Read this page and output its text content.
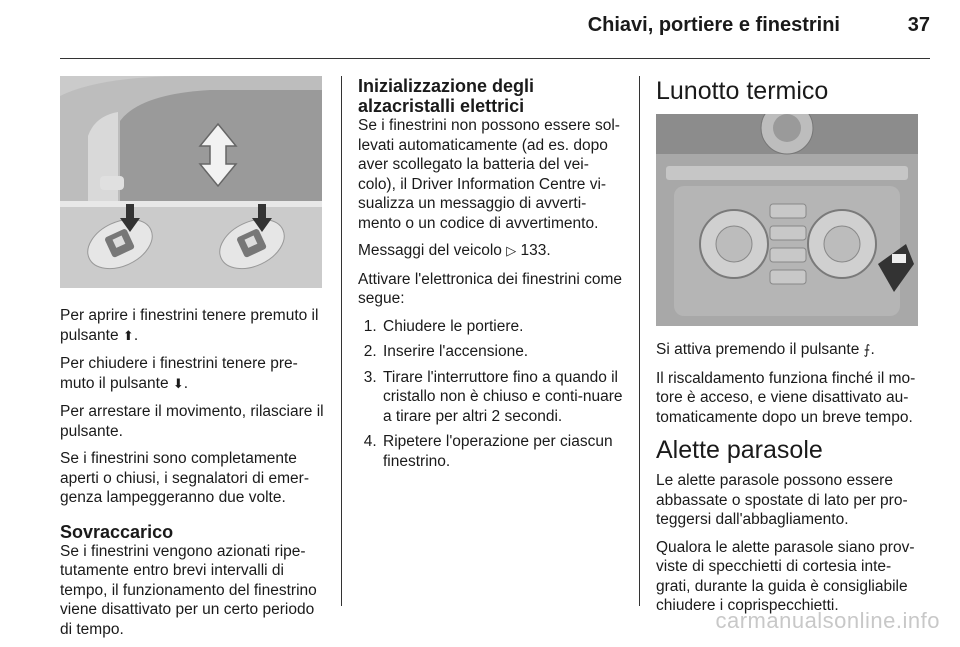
Chiavi, portiere e finestrini	37

Per aprire i finestrini tenere premuto il pulsante ⬆.

Per chiudere i finestrini tenere pre-muto il pulsante ⬇.

Per arrestare il movimento, rilasciare il pulsante.

Se i finestrini sono completamente aperti o chiusi, i segnalatori di emer-genza lampeggeranno due volte.

Sovraccarico

Se i finestrini vengono azionati ripe-tutamente entro brevi intervalli di tempo, il funzionamento del finestrino viene disattivato per un certo periodo di tempo.

Inizializzazione degli alzacristalli elettrici

Se i finestrini non possono essere sol-levati automaticamente (ad es. dopo aver scollegato la batteria del vei-colo), il Driver Information Centre vi-sualizza un messaggio di avverti-mento o un codice di avvertimento.

Messaggi del veicolo ▷ 133.

Attivare l'elettronica dei finestrini come segue:

1. Chiudere le portiere.
2. Inserire l'accensione.
3. Tirare l'interruttore fino a quando il cristallo non è chiuso e conti-nuare a tirare per altri 2 secondi.
4. Ripetere l'operazione per ciascun finestrino.
Lunotto termico

Si attiva premendo il pulsante ⨍.

Il riscaldamento funziona finché il mo-tore è acceso, e viene disattivato au-tomaticamente dopo un breve tempo.

Alette parasole

Le alette parasole possono essere abbassate o spostate di lato per pro-teggersi dall'abbagliamento.

Qualora le alette parasole siano prov-viste di specchietti di cortesia inte-grati, durante la guida è consigliabile chiudere i coprispecchietti.

carmanualsonline.info
